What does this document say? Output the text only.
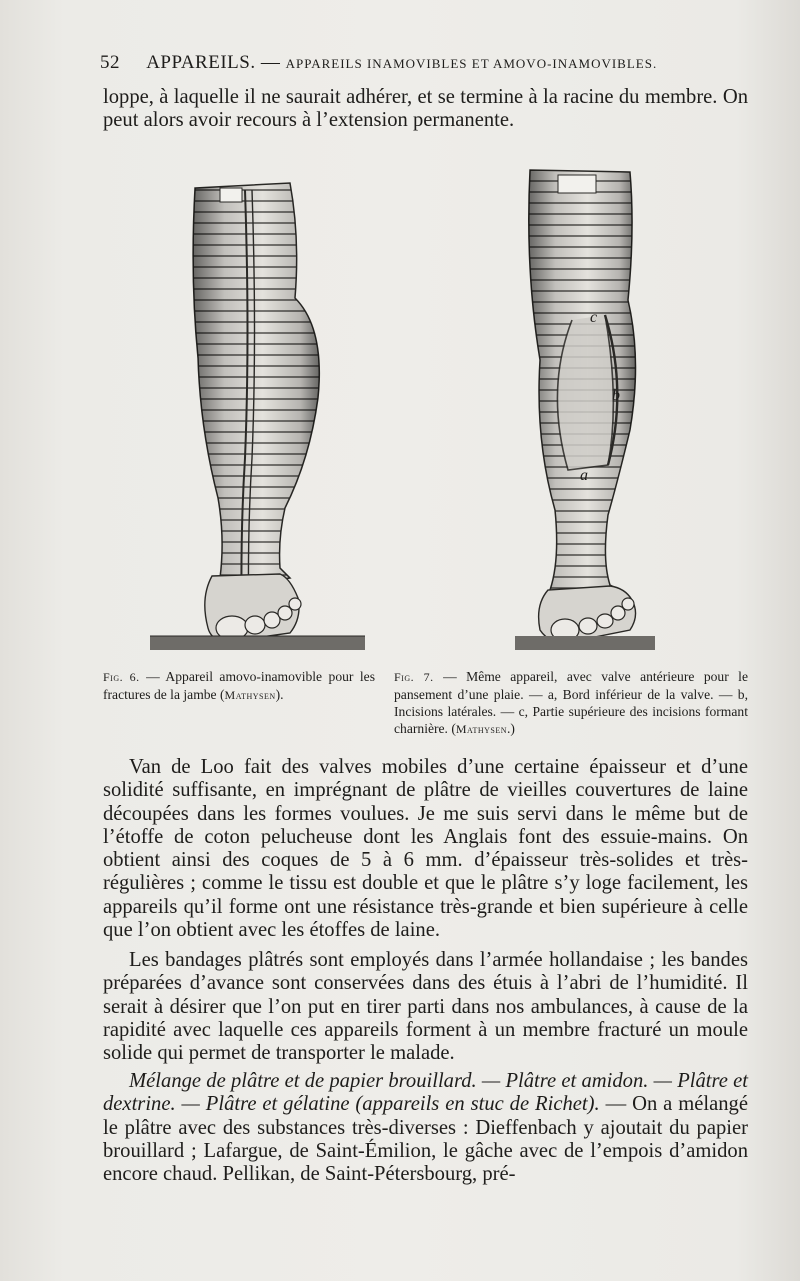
52 APPAREILS. — APPAREILS INAMOVIBLES ET AMOVO-INAMOVIBLES.

loppe, à laquelle il ne saurait adhérer, et se termine à la racine du membre. On peut alors avoir recours à l’extension permanente.

c
a
b

Fig. 6. — Appareil amovo-inamovible pour les fractures de la jambe (Mathysen).

Fig. 7. — Même appareil, avec valve antérieure pour le pansement d’une plaie. — a, Bord inférieur de la valve. — b, Incisions latérales. — c, Partie supérieure des incisions formant charnière. (Mathysen.)

Van de Loo fait des valves mobiles d’une certaine épaisseur et d’une solidité suffisante, en imprégnant de plâtre de vieilles couvertures de laine découpées dans les formes voulues. Je me suis servi dans le même but de l’étoffe de coton pelucheuse dont les Anglais font des essuie-mains. On obtient ainsi des coques de 5 à 6 mm. d’épaisseur très-solides et très-régulières ; comme le tissu est double et que le plâtre s’y loge facilement, les appareils qu’il forme ont une résistance très-grande et bien supérieure à celle que l’on obtient avec les étoffes de laine.

Les bandages plâtrés sont employés dans l’armée hollandaise ; les bandes préparées d’avance sont conservées dans des étuis à l’abri de l’humidité. Il serait à désirer que l’on put en tirer parti dans nos ambulances, à cause de la rapidité avec laquelle ces appareils forment à un membre fracturé un moule solide qui permet de transporter le malade.

Mélange de plâtre et de papier brouillard. — Plâtre et amidon. — Plâtre et dextrine. — Plâtre et gélatine (appareils en stuc de Richet). — On a mélangé le plâtre avec des substances très-diverses : Dieffenbach y ajoutait du papier brouillard ; Lafargue, de Saint-Émilion, le gâche avec de l’empois d’amidon encore chaud. Pellikan, de Saint-Pétersbourg, pré-
